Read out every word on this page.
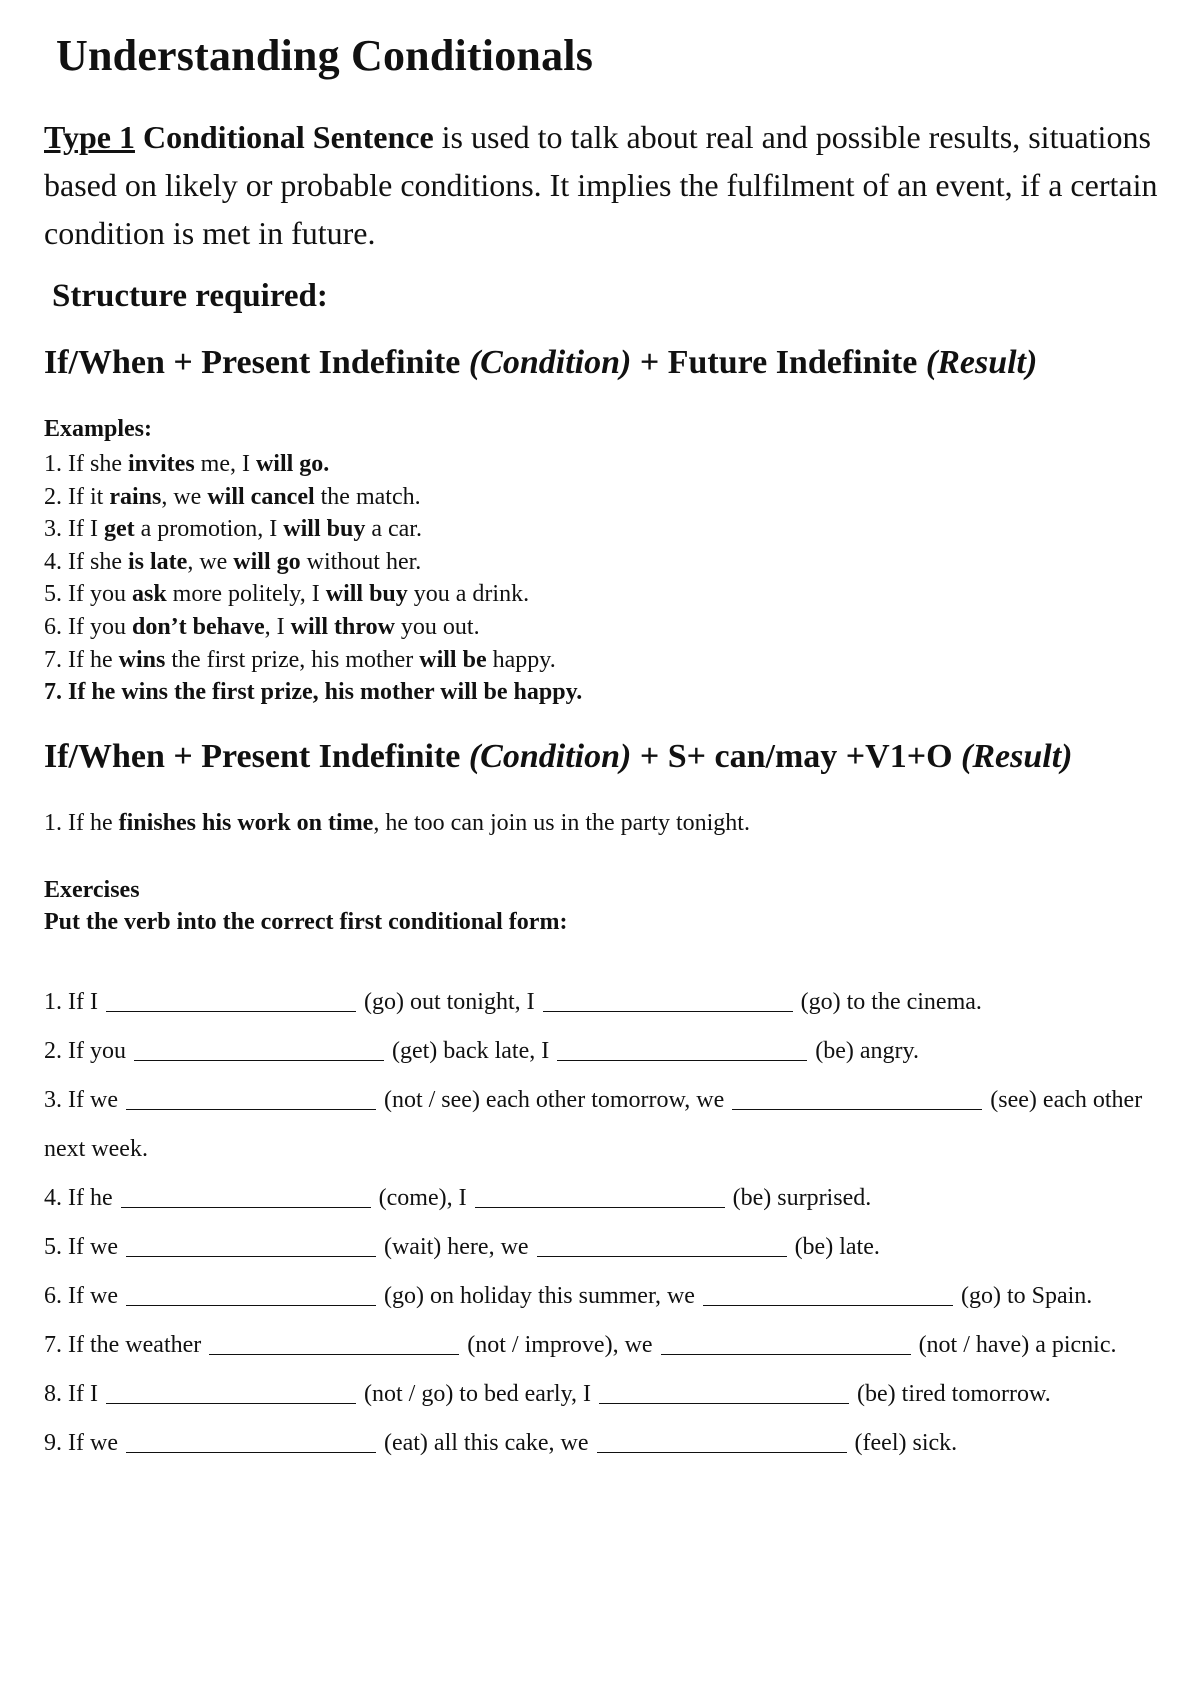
Understanding Conditionals

Type 1 Conditional Sentence is used to talk about real and possible results, situations based on likely or probable conditions. It implies the fulfilment of an event, if a certain condition is met in future.

Structure required:
If/When + Present Indefinite (Condition) + Future Indefinite (Result)

Examples:

1. If she invites me, I will go.
2. If it rains, we will cancel the match.
3. If I get a promotion, I will buy a car.
4. If she is late, we will go without her.
5. If you ask more politely, I will buy you a drink.
6. If you don’t behave, I will throw you out.
7. If he wins the first prize, his mother will be happy.
7. If he wins the first prize, his mother will be happy.
If/When + Present Indefinite (Condition) + S+ can/may +V1+O (Result)

1. If he finishes his work on time, he too can join us in the party tonight.

Exercises

Put the verb into the correct first conditional form:

1. If I	(go) out tonight, I	(go) to the cinema.
2. If you	(get) back late, I	(be) angry.
3. If we	(not / see) each other tomorrow, we	(see) each other next week.
4. If he	(come), I	(be) surprised.
5. If we	(wait) here, we	(be) late.
6. If we	(go) on holiday this summer, we	(go) to Spain.
7. If the weather	(not / improve), we	(not / have) a picnic.
8. If I	(not / go) to bed early, I	(be) tired tomorrow.
9. If we	(eat) all this cake, we	(feel) sick.
